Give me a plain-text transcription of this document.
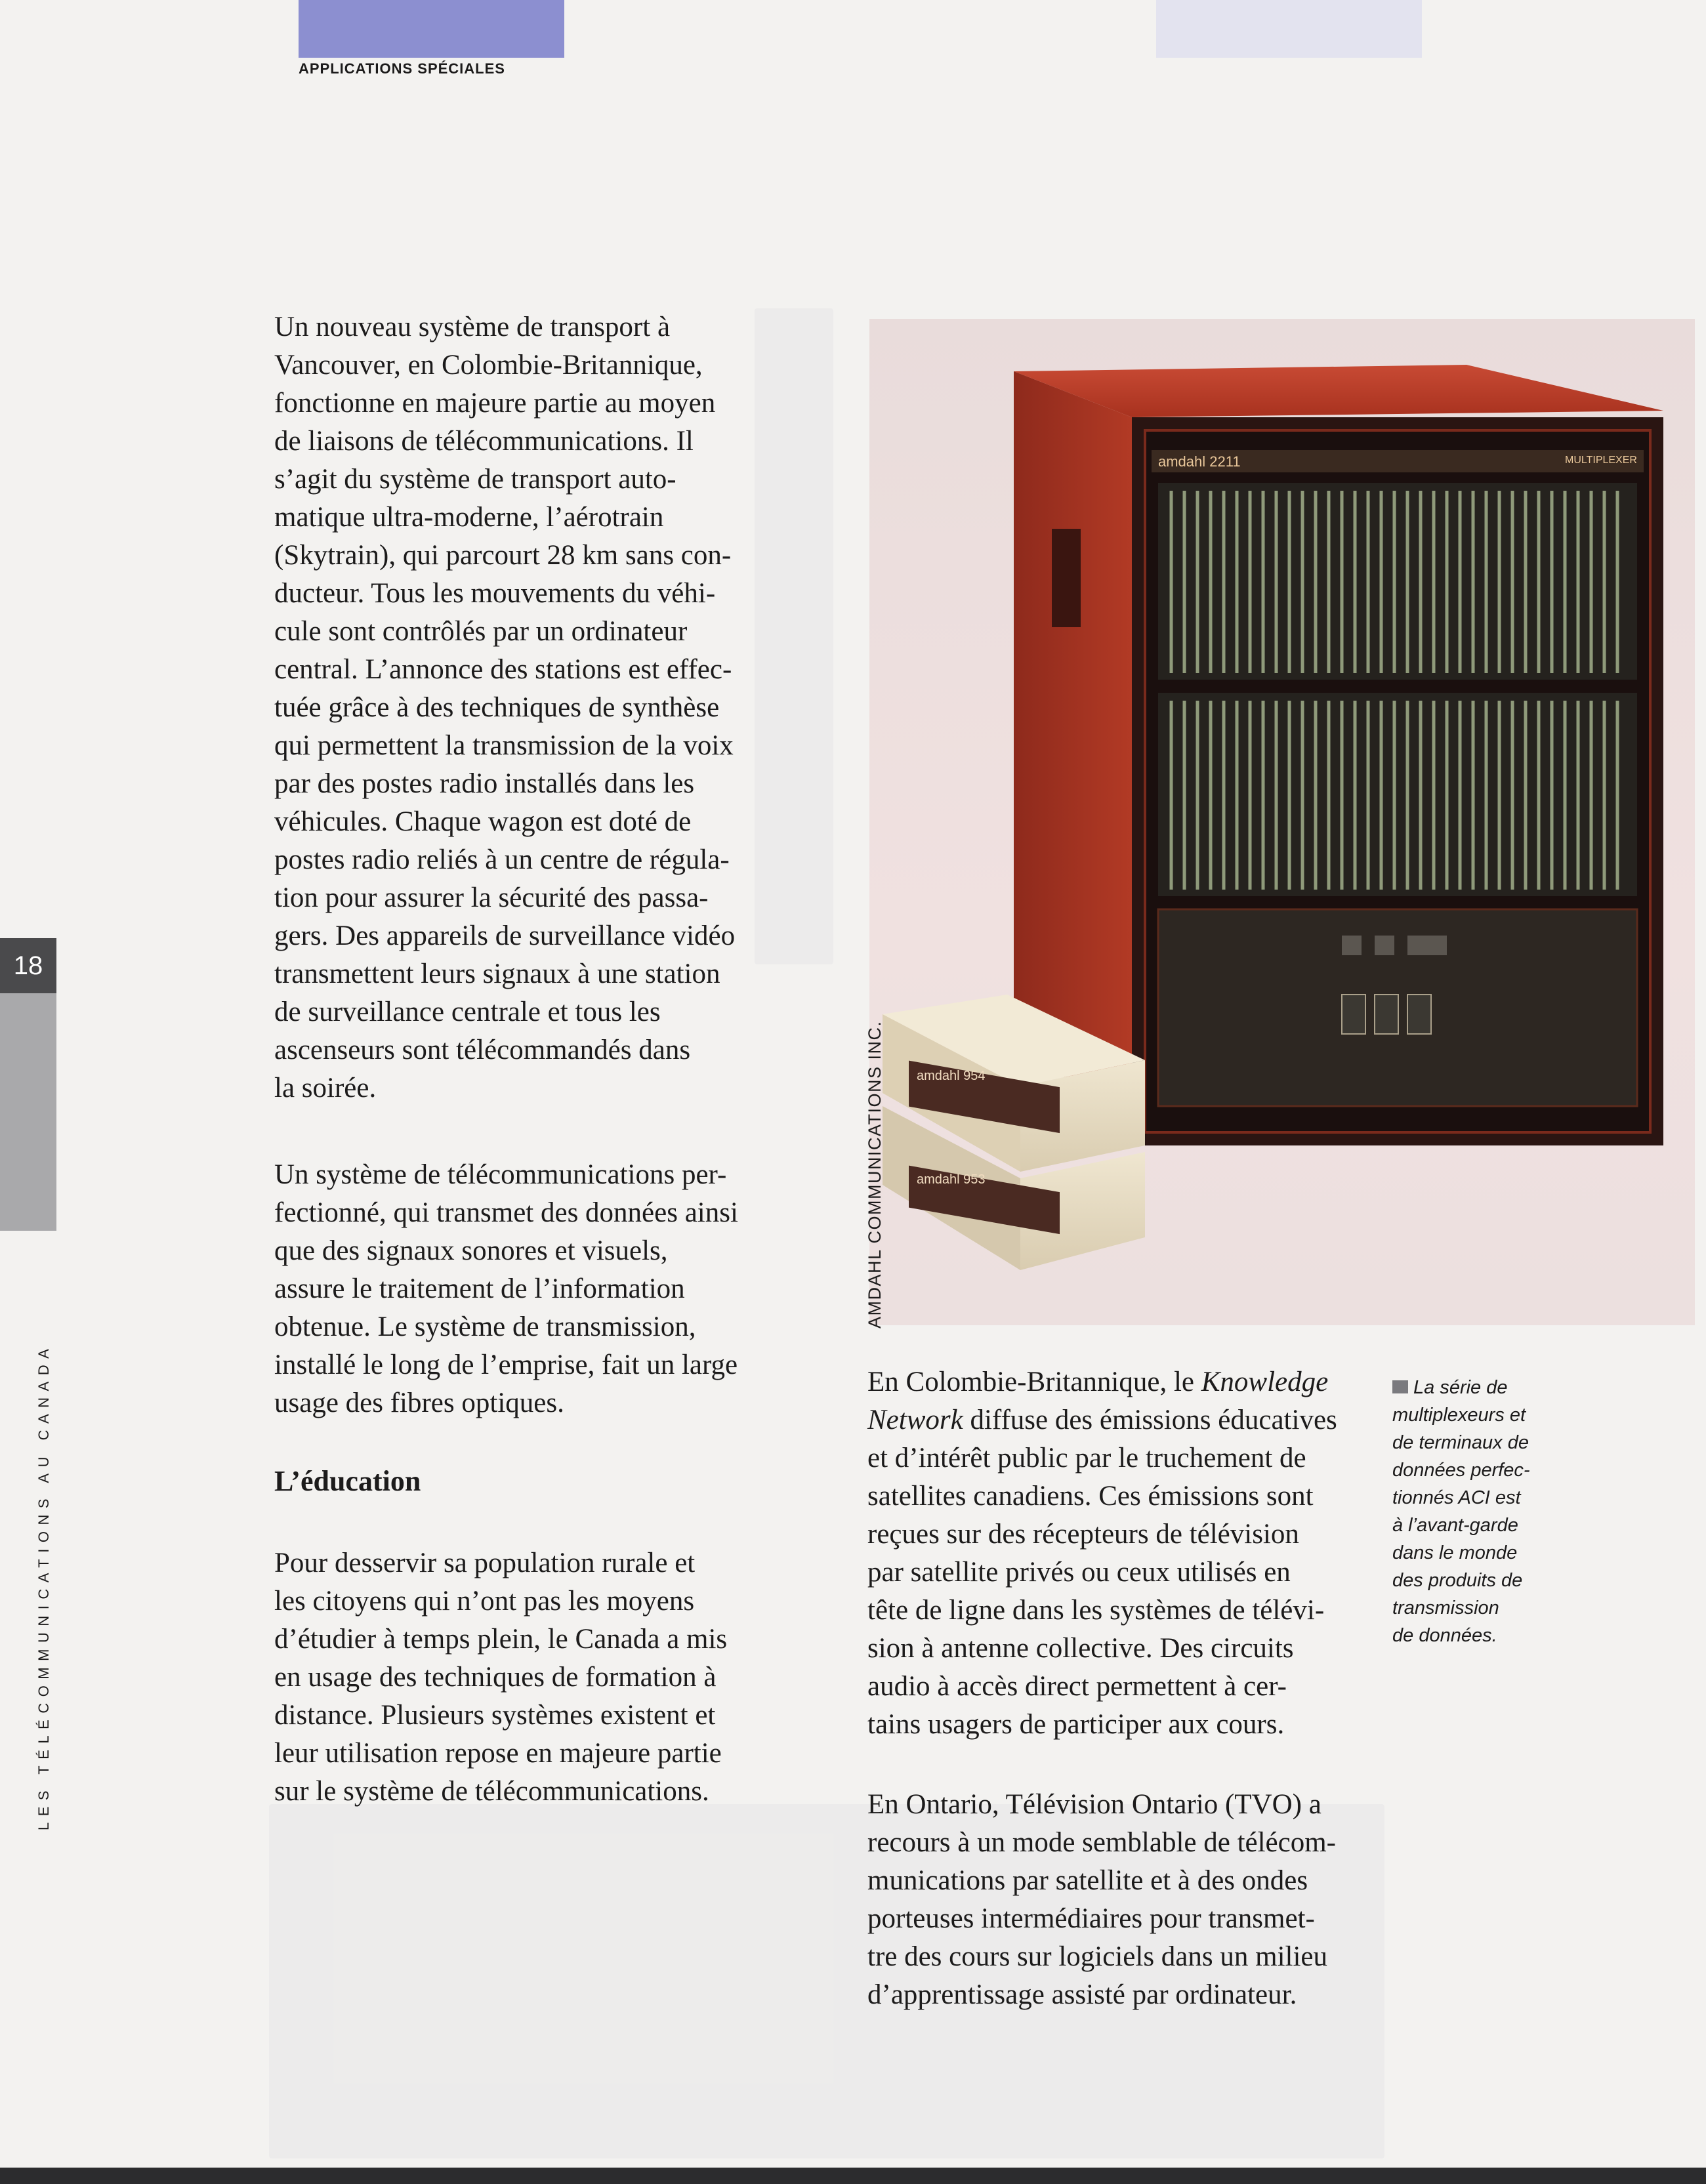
APPLICATIONS SPÉCIALES
18
LES TÉLÉCOMMUNICATIONS AU CANADA

Un nouveau système de transport à

Vancouver, en Colombie-Britannique,

fonctionne en majeure partie au moyen

de liaisons de télécommunications. Il

s’agit du système de transport auto-

matique ultra-moderne, l’aérotrain

(Skytrain), qui parcourt 28 km sans con-

ducteur. Tous les mouvements du véhi-

cule sont contrôlés par un ordinateur

central. L’annonce des stations est effec-

tuée grâce à des techniques de synthèse

qui permettent la transmission de la voix

par des postes radio installés dans les

véhicules. Chaque wagon est doté de

postes radio reliés à un centre de régula-

tion pour assurer la sécurité des passa-

gers. Des appareils de surveillance vidéo

transmettent leurs signaux à une station

de surveillance centrale et tous les

ascenseurs sont télécommandés dans

la soirée.

Un système de télécommunications per-

fectionné, qui transmet des données ainsi

que des signaux sonores et visuels,

assure le traitement de l’information

obtenue. Le système de transmission,

installé le long de l’emprise, fait un large

usage des fibres optiques.

L’éducation

Pour desservir sa population rurale et

les citoyens qui n’ont pas les moyens

d’étudier à temps plein, le Canada a mis

en usage des techniques de formation à

distance. Plusieurs systèmes existent et

leur utilisation repose en majeure partie

sur le système de télécommunications.

amdahl 2211	MULTIPLEXER
amdahl 954
amdahl 953
AMDAHL COMMUNICATIONS INC.
La série de
multiplexeurs et
de terminaux de
données perfec-
tionnés ACI est
à l’avant-garde
dans le monde
des produits de
transmission
de données.

En Colombie-Britannique, le Knowledge

Network diffuse des émissions éducatives

et d’intérêt public par le truchement de

satellites canadiens. Ces émissions sont

reçues sur des récepteurs de télévision

par satellite privés ou ceux utilisés en

tête de ligne dans les systèmes de télévi-

sion à antenne collective. Des circuits

audio à accès direct permettent à cer-

tains usagers de participer aux cours.

En Ontario, Télévision Ontario (TVO) a

recours à un mode semblable de télécom-

munications par satellite et à des ondes

porteuses intermédiaires pour transmet-

tre des cours sur logiciels dans un milieu

d’apprentissage assisté par ordinateur.
